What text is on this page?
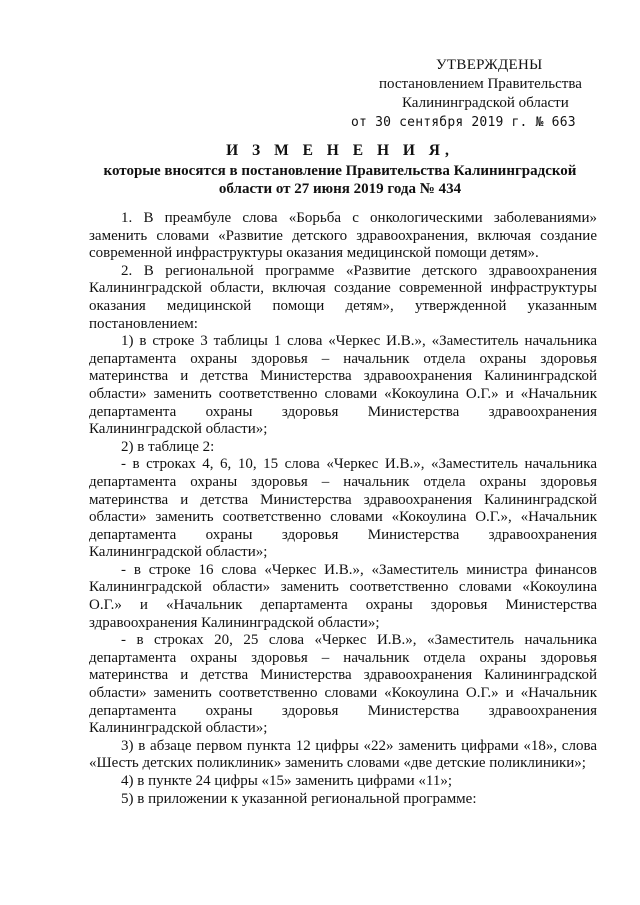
УТВЕРЖДЕНЫ
постановлением Правительства
Калининградской области
от 30 сентября 2019 г. № 663
И З М Е Н Е Н И Я,
которые вносятся в постановление Правительства Калининградской
области от 27 июня 2019 года № 434

1. В преамбуле слова «Борьба с онкологическими заболеваниями» заменить словами «Развитие детского здравоохранения, включая создание современной инфраструктуры оказания медицинской помощи детям».

2. В региональной программе «Развитие детского здравоохранения Калининградской области, включая создание современной инфраструктуры оказания медицинской помощи детям», утвержденной указанным постановлением:

1) в строке 3 таблицы 1 слова «Черкес И.В.», «Заместитель начальника департамента охраны здоровья – начальник отдела охраны здоровья материнства и детства Министерства здравоохранения Калининградской области» заменить соответственно словами «Кокоулина О.Г.» и «Начальник департамента охраны здоровья Министерства здравоохранения Калининградской области»;

2) в таблице 2:

- в строках 4, 6, 10, 15 слова «Черкес И.В.», «Заместитель начальника департамента охраны здоровья – начальник отдела охраны здоровья материнства и детства Министерства здравоохранения Калининградской области» заменить соответственно словами «Кокоулина О.Г.», «Начальник департамента охраны здоровья Министерства здравоохранения Калининградской области»;

- в строке 16 слова «Черкес И.В.», «Заместитель министра финансов Калининградской области» заменить соответственно словами «Кокоулина О.Г.» и «Начальник департамента охраны здоровья Министерства здравоохранения Калининградской области»;

- в строках 20, 25 слова «Черкес И.В.», «Заместитель начальника департамента охраны здоровья – начальник отдела охраны здоровья материнства и детства Министерства здравоохранения Калининградской области» заменить соответственно словами «Кокоулина О.Г.» и «Начальник департамента охраны здоровья Министерства здравоохранения Калининградской области»;

3) в абзаце первом пункта 12 цифры «22» заменить цифрами «18», слова «Шесть детских поликлиник» заменить словами «две детские поликлиники»;

4) в пункте 24 цифры «15» заменить цифрами «11»;

5) в приложении к указанной региональной программе:
